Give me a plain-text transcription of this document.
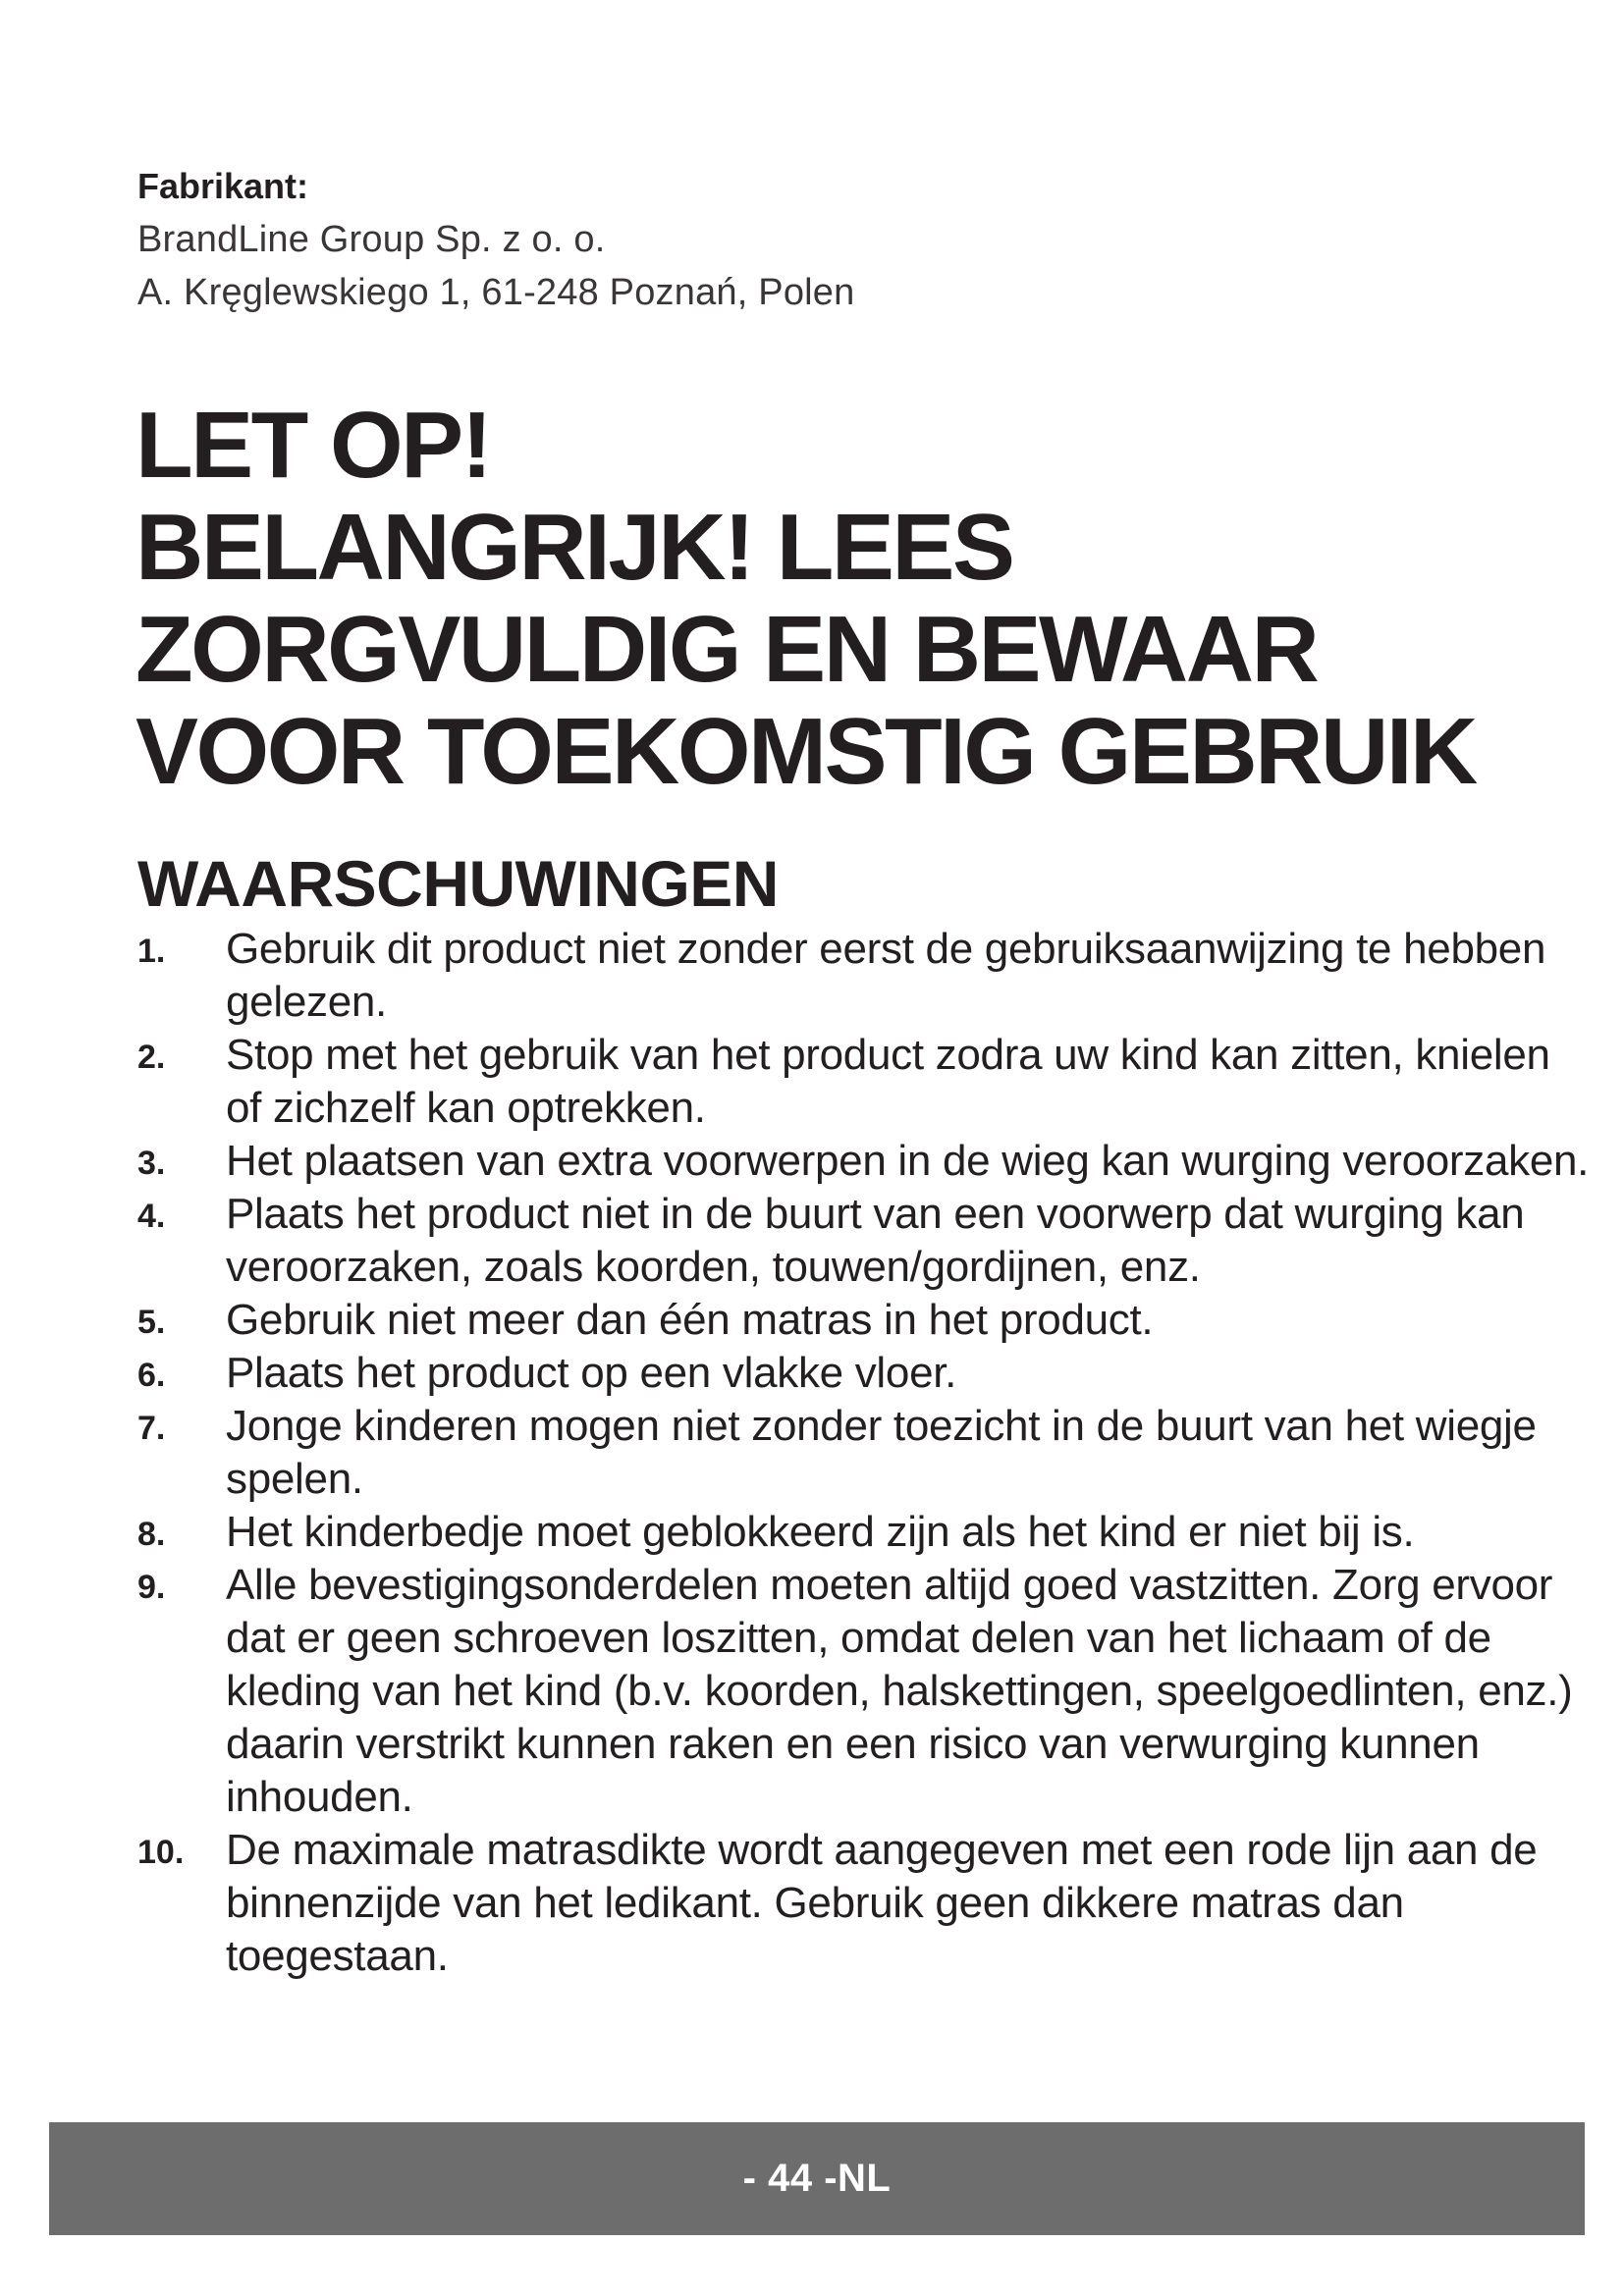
Fabrikant:

BrandLine Group Sp. z o. o.

A. Kręglewskiego 1, 61-248 Poznań, Polen

LET OP!
BELANGRIJK! LEES
ZORGVULDIG EN BEWAAR
VOOR TOEKOMSTIG GEBRUIK
WAARSCHUWINGEN
1. Gebruik dit product niet zonder eerst de gebruiksaanwijzing te hebben gelezen.
2. Stop met het gebruik van het product zodra uw kind kan zitten, knielen of zichzelf kan optrekken.
3. Het plaatsen van extra voorwerpen in de wieg kan wurging veroorzaken.
4. Plaats het product niet in de buurt van een voorwerp dat wurging kan veroorzaken, zoals koorden, touwen/gordijnen, enz.
5. Gebruik niet meer dan één matras in het product.
6. Plaats het product op een vlakke vloer.
7. Jonge kinderen mogen niet zonder toezicht in de buurt van het wiegje spelen.
8. Het kinderbedje moet geblokkeerd zijn als het kind er niet bij is.
9. Alle bevestigingsonderdelen moeten altijd goed vastzitten. Zorg ervoor dat er geen schroeven loszitten, omdat delen van het lichaam of de kleding van het kind (b.v. koorden, halskettingen, speelgoedlinten, enz.) daarin verstrikt kunnen raken en een risico van verwurging kunnen inhouden.
10. De maximale matrasdikte wordt aangegeven met een rode lijn aan de binnenzijde van het ledikant. Gebruik geen dikkere matras dan toegestaan.
- 44 -NL
